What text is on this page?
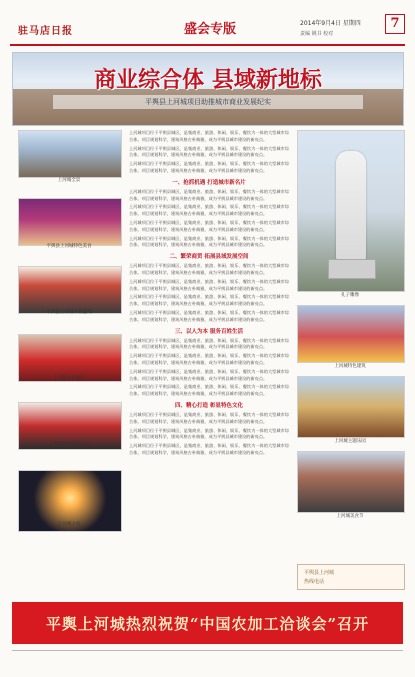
驻马店日报	盛会专版	2014年9月4日 星期四
责编 姚书 校对
7
商业综合体 县域新地标
平舆县上河城项目助推城市商业发展纪实
上河城全景
平舆县上河城特色美食
平舆县上河城开业盛况
上河城文化演出
上河城民俗表演活动
上河城之夜

上河城项目位于平舆县城区，是集商业、旅游、休闲、娱乐、餐饮为一体的大型城市综合体，项目规划科学，建筑风格古朴典雅，成为平舆县城市建设的新亮点。

上河城项目位于平舆县城区，是集商业、旅游、休闲、娱乐、餐饮为一体的大型城市综合体，项目规划科学，建筑风格古朴典雅，成为平舆县城市建设的新亮点。

上河城项目位于平舆县城区，是集商业、旅游、休闲、娱乐、餐饮为一体的大型城市综合体，项目规划科学，建筑风格古朴典雅，成为平舆县城市建设的新亮点。

一、抢抓机遇 打造城市新名片

上河城项目位于平舆县城区，是集商业、旅游、休闲、娱乐、餐饮为一体的大型城市综合体，项目规划科学，建筑风格古朴典雅，成为平舆县城市建设的新亮点。

上河城项目位于平舆县城区，是集商业、旅游、休闲、娱乐、餐饮为一体的大型城市综合体，项目规划科学，建筑风格古朴典雅，成为平舆县城市建设的新亮点。

上河城项目位于平舆县城区，是集商业、旅游、休闲、娱乐、餐饮为一体的大型城市综合体，项目规划科学，建筑风格古朴典雅，成为平舆县城市建设的新亮点。

上河城项目位于平舆县城区，是集商业、旅游、休闲、娱乐、餐饮为一体的大型城市综合体，项目规划科学，建筑风格古朴典雅，成为平舆县城市建设的新亮点。

二、繁荣商贸 拓展县域发展空间

上河城项目位于平舆县城区，是集商业、旅游、休闲、娱乐、餐饮为一体的大型城市综合体，项目规划科学，建筑风格古朴典雅，成为平舆县城市建设的新亮点。

上河城项目位于平舆县城区，是集商业、旅游、休闲、娱乐、餐饮为一体的大型城市综合体，项目规划科学，建筑风格古朴典雅，成为平舆县城市建设的新亮点。

上河城项目位于平舆县城区，是集商业、旅游、休闲、娱乐、餐饮为一体的大型城市综合体，项目规划科学，建筑风格古朴典雅，成为平舆县城市建设的新亮点。

上河城项目位于平舆县城区，是集商业、旅游、休闲、娱乐、餐饮为一体的大型城市综合体，项目规划科学，建筑风格古朴典雅，成为平舆县城市建设的新亮点。

三、以人为本 服务百姓生活

上河城项目位于平舆县城区，是集商业、旅游、休闲、娱乐、餐饮为一体的大型城市综合体，项目规划科学，建筑风格古朴典雅，成为平舆县城市建设的新亮点。

上河城项目位于平舆县城区，是集商业、旅游、休闲、娱乐、餐饮为一体的大型城市综合体，项目规划科学，建筑风格古朴典雅，成为平舆县城市建设的新亮点。

上河城项目位于平舆县城区，是集商业、旅游、休闲、娱乐、餐饮为一体的大型城市综合体，项目规划科学，建筑风格古朴典雅，成为平舆县城市建设的新亮点。

上河城项目位于平舆县城区，是集商业、旅游、休闲、娱乐、餐饮为一体的大型城市综合体，项目规划科学，建筑风格古朴典雅，成为平舆县城市建设的新亮点。

四、精心打造 彰显特色文化

上河城项目位于平舆县城区，是集商业、旅游、休闲、娱乐、餐饮为一体的大型城市综合体，项目规划科学，建筑风格古朴典雅，成为平舆县城市建设的新亮点。

上河城项目位于平舆县城区，是集商业、旅游、休闲、娱乐、餐饮为一体的大型城市综合体，项目规划科学，建筑风格古朴典雅，成为平舆县城市建设的新亮点。

上河城项目位于平舆县城区，是集商业、旅游、休闲、娱乐、餐饮为一体的大型城市综合体，项目规划科学，建筑风格古朴典雅，成为平舆县城市建设的新亮点。

孔子雕像
上河城特色建筑
上河城主题乐园
上河城美食节
平舆县上河城
热线电话
平舆上河城热烈祝贺“中国农加工洽谈会”召开
